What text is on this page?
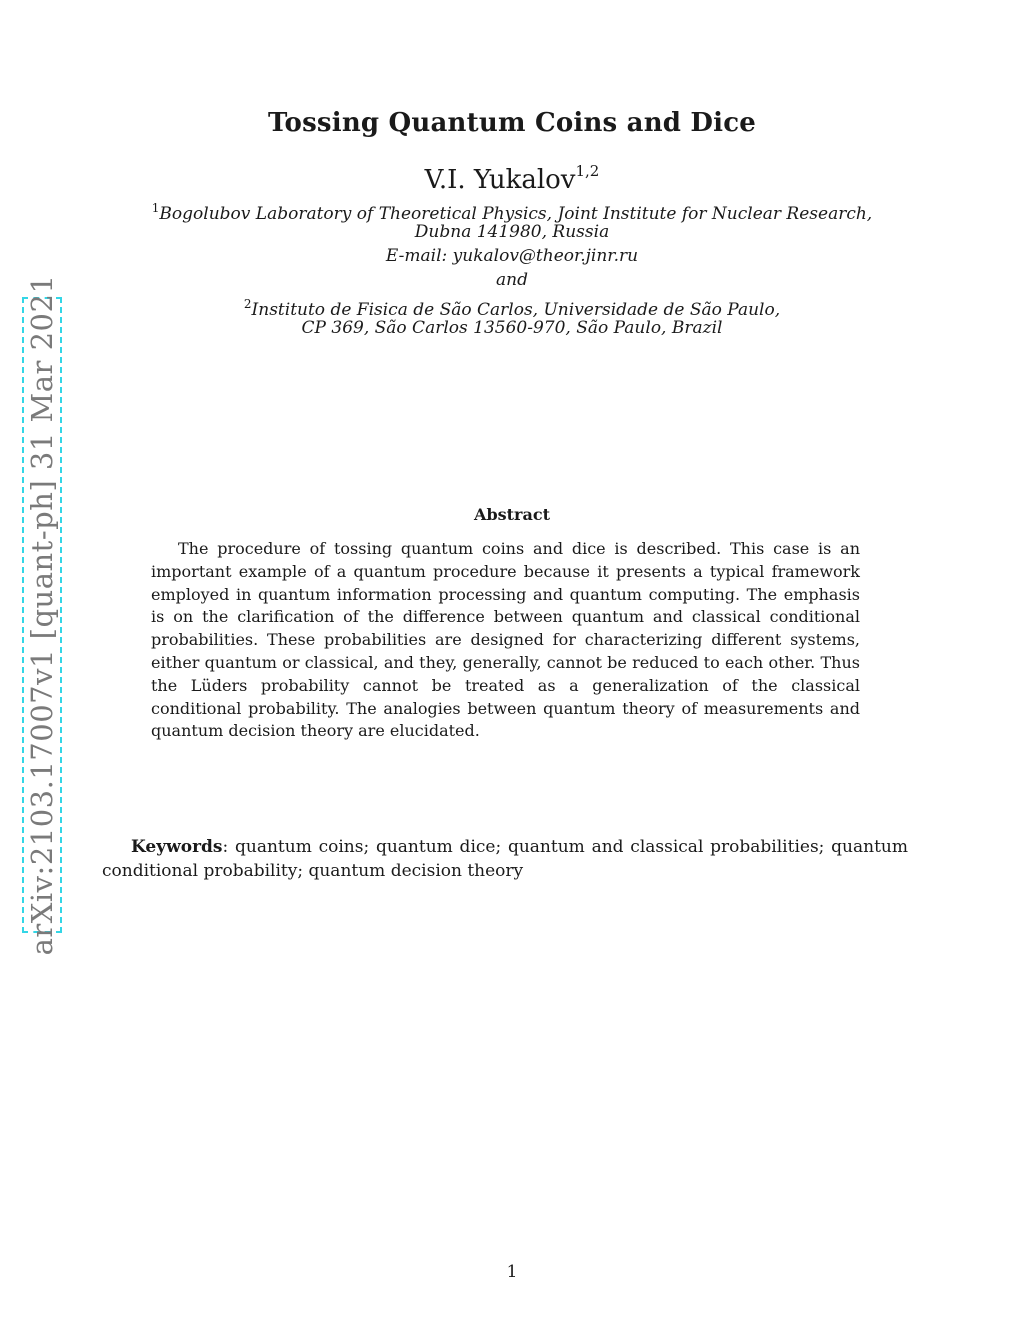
arXiv:2103.17007v1 [quant-ph] 31 Mar 2021
Tossing Quantum Coins and Dice
V.I. Yukalov$^{1,2}$
$^1$Bogolubov Laboratory of Theoretical Physics, Joint Institute for Nuclear Research,
Dubna 141980, Russia
E-mail: yukalov@theor.jinr.ru
and
$^2$Instituto de Fisica de São Carlos, Universidade de São Paulo,
CP 369, São Carlos 13560-970, São Paulo, Brazil
Abstract
The procedure of tossing quantum coins and dice is described. This case is an important example of a quantum procedure because it presents a typical framework employed in quantum information processing and quantum computing. The emphasis is on the clarification of the difference between quantum and classical conditional probabilities. These probabilities are designed for characterizing different systems, either quantum or classical, and they, generally, cannot be reduced to each other. Thus the Lüders probability cannot be treated as a generalization of the classical conditional probability. The analogies between quantum theory of measurements and quantum decision theory are elucidated.
Keywords: quantum coins; quantum dice; quantum and classical probabilities; quantum conditional probability; quantum decision theory
1
